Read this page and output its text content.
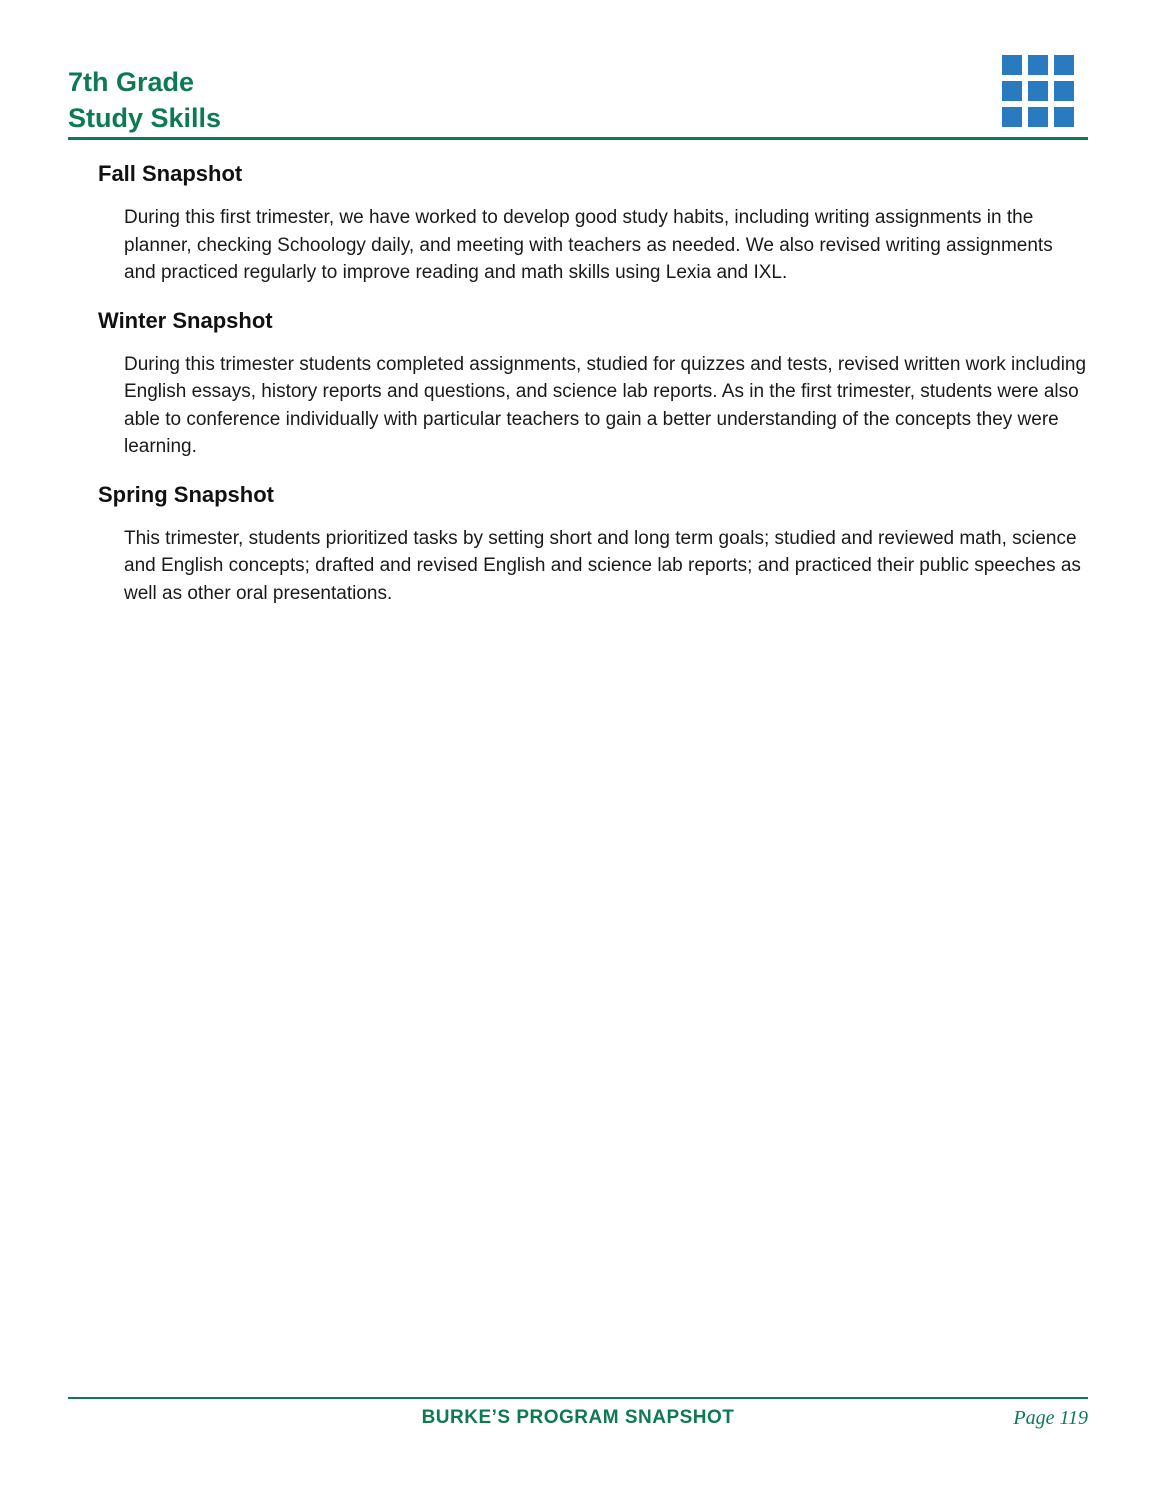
7th Grade
Study Skills
Fall Snapshot

During this first trimester, we have worked to develop good study habits, including writing assignments in the planner, checking Schoology daily, and meeting with teachers as needed. We also revised writing assignments and practiced regularly to improve reading and math skills using Lexia and IXL.

Winter Snapshot

During this trimester students completed assignments, studied for quizzes and tests, revised written work including English essays, history reports and questions, and science lab reports. As in the first trimester, students were also able to conference individually with particular teachers to gain a better understanding of the concepts they were learning.

Spring Snapshot

This trimester, students prioritized tasks by setting short and long term goals; studied and reviewed math, science and English concepts; drafted and revised English and science lab reports; and practiced their public speeches as well as other oral presentations.

BURKE’S PROGRAM SNAPSHOT	Page 119
